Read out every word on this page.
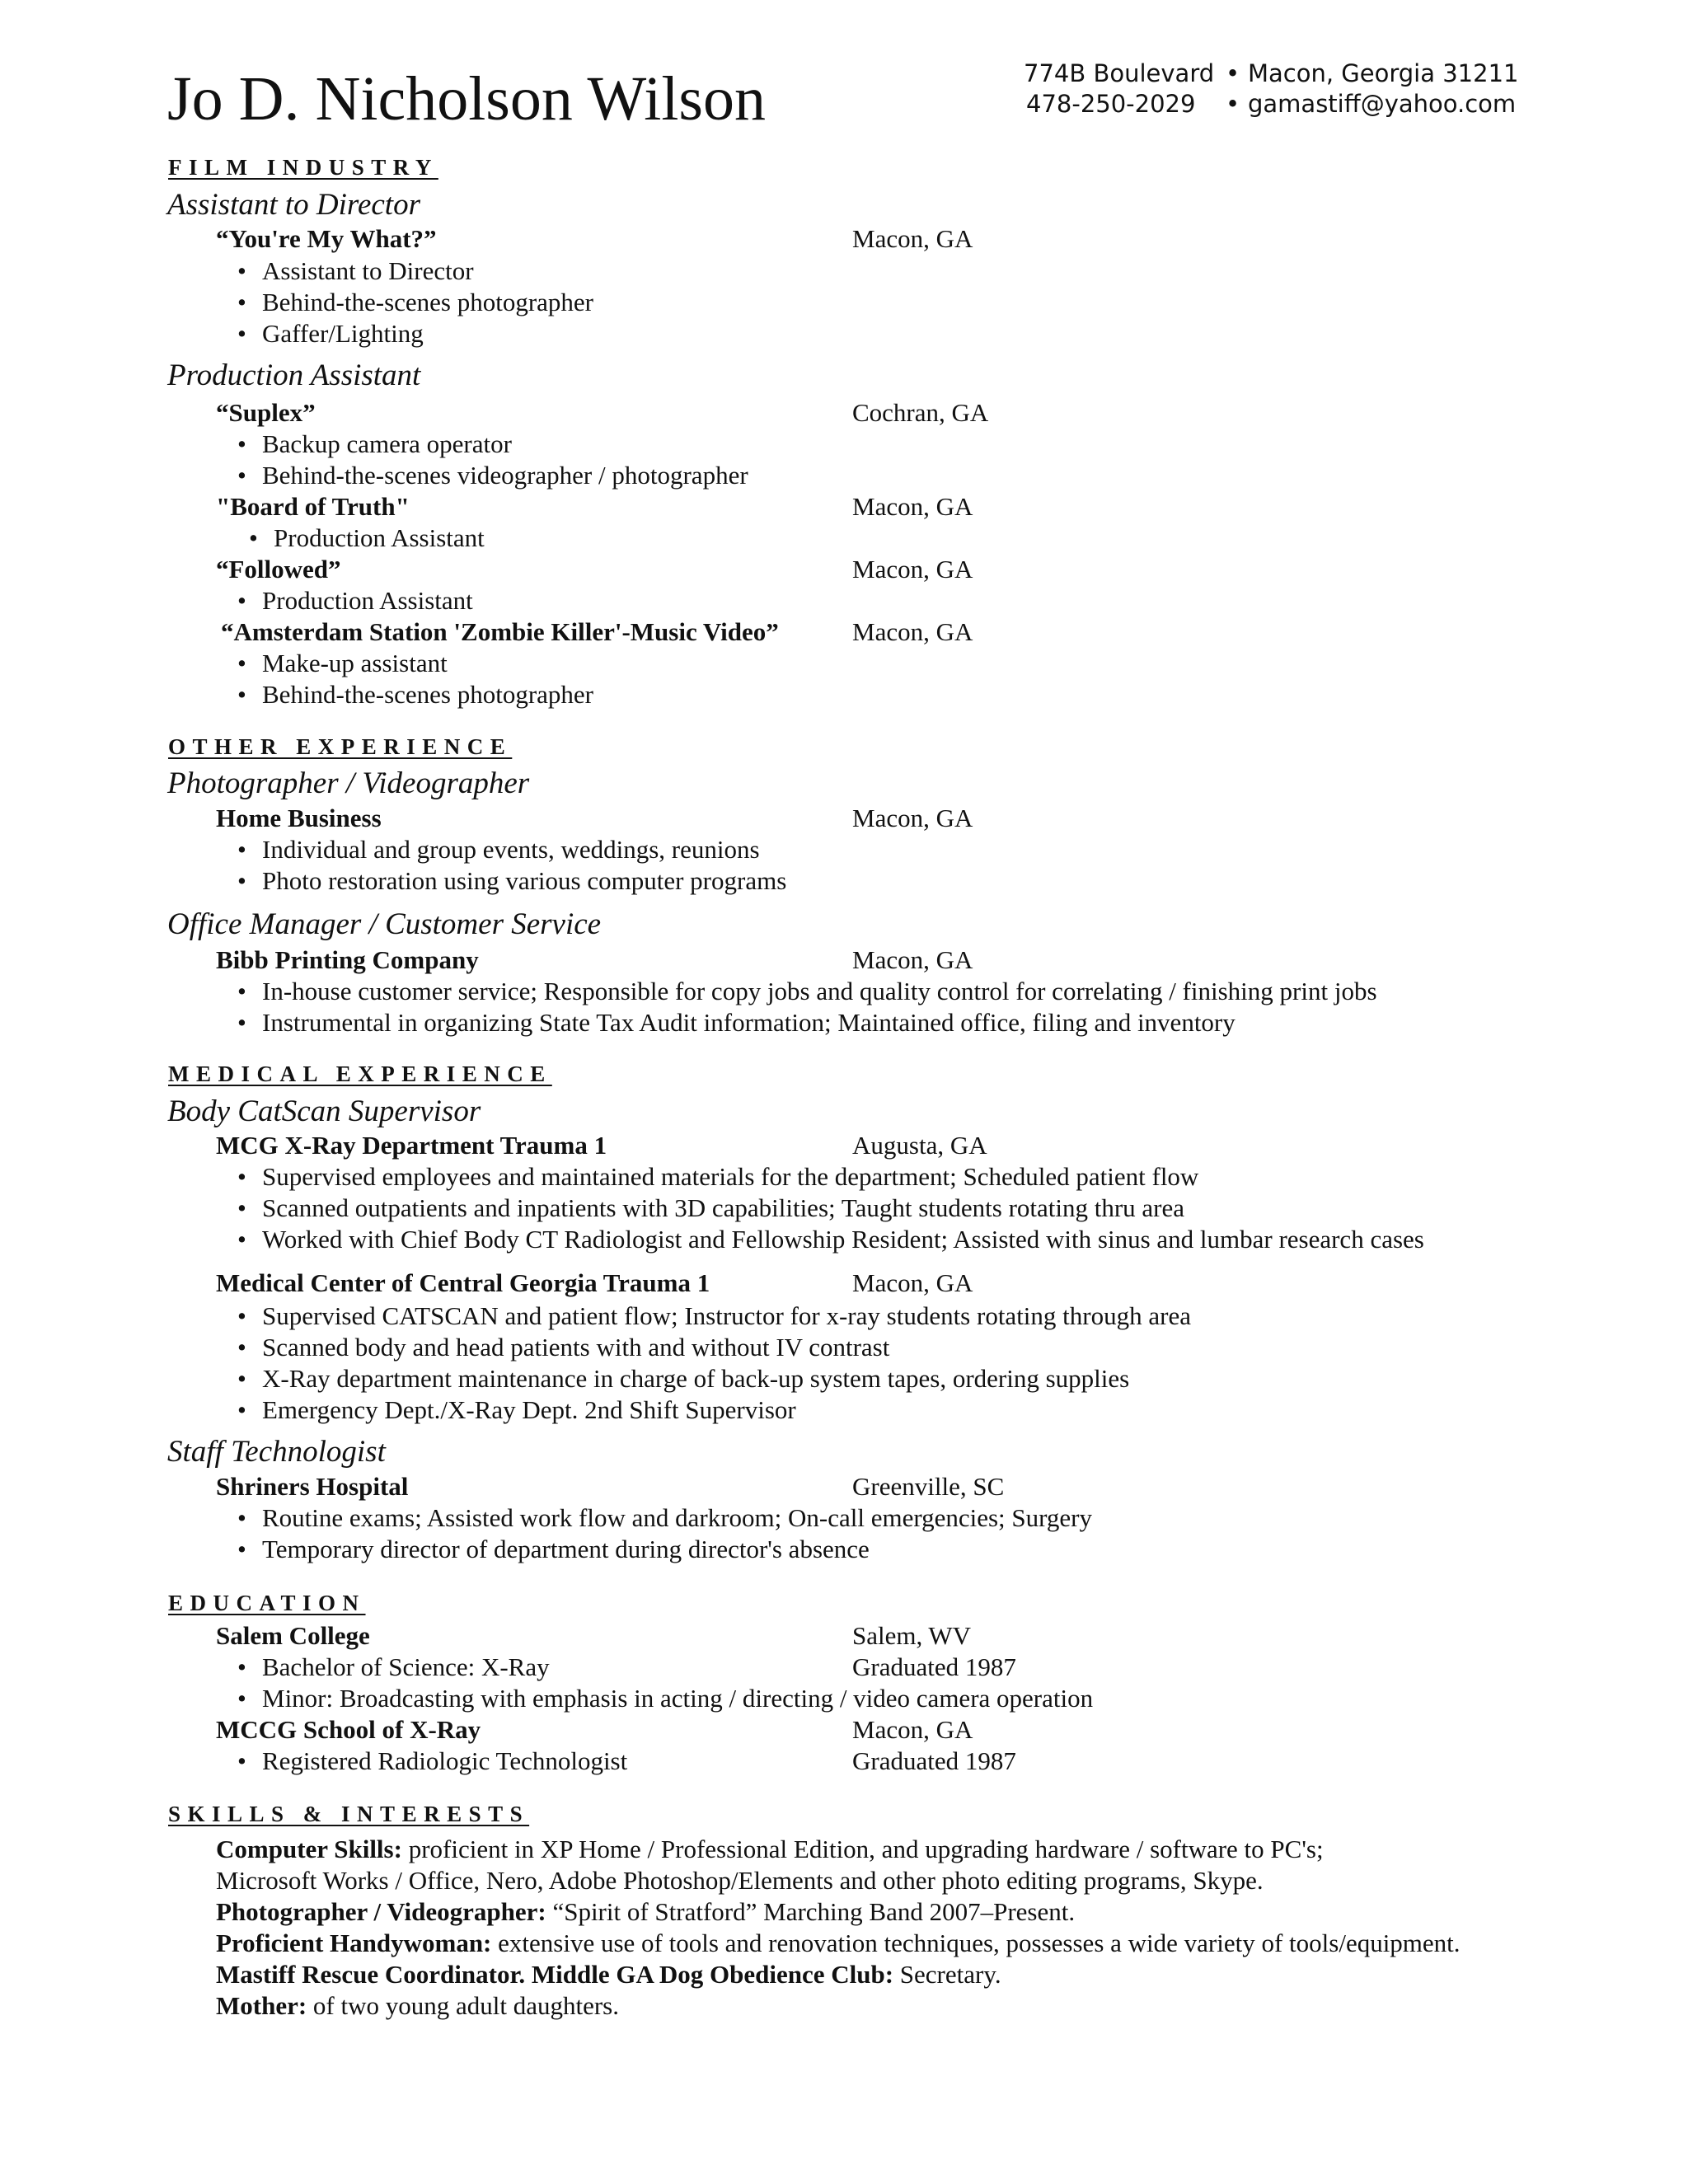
Jo D. Nicholson Wilson	774B Boulevard • Macon, Georgia 31211
478-250-2029 • gamastiff@yahoo.com
FILM INDUSTRY
Assistant to Director
“You're My What?”	Macon, GA
• Assistant to Director
• Behind-the-scenes photographer
• Gaffer/Lighting
Production Assistant
“Suplex”	Cochran, GA
• Backup camera operator
• Behind-the-scenes videographer / photographer
"Board of Truth"	Macon, GA
• Production Assistant
“Followed”	Macon, GA
• Production Assistant
“Amsterdam Station 'Zombie Killer'-Music Video”	Macon, GA
• Make-up assistant
• Behind-the-scenes photographer
OTHER EXPERIENCE
Photographer / Videographer
Home Business	Macon, GA
• Individual and group events, weddings, reunions
• Photo restoration using various computer programs
Office Manager / Customer Service
Bibb Printing Company	Macon, GA
• In-house customer service; Responsible for copy jobs and quality control for correlating / finishing print jobs
• Instrumental in organizing State Tax Audit information; Maintained office, filing and inventory
MEDICAL EXPERIENCE
Body CatScan Supervisor
MCG X-Ray Department Trauma 1	Augusta, GA
• Supervised employees and maintained materials for the department; Scheduled patient flow
• Scanned outpatients and inpatients with 3D capabilities; Taught students rotating thru area
• Worked with Chief Body CT Radiologist and Fellowship Resident; Assisted with sinus and lumbar research cases
Medical Center of Central Georgia Trauma 1	Macon, GA
• Supervised CATSCAN and patient flow; Instructor for x-ray students rotating through area
• Scanned body and head patients with and without IV contrast
• X-Ray department maintenance in charge of back-up system tapes, ordering supplies
• Emergency Dept./X-Ray Dept. 2nd Shift Supervisor
Staff Technologist
Shriners Hospital	Greenville, SC
• Routine exams; Assisted work flow and darkroom; On-call emergencies; Surgery
• Temporary director of department during director's absence
EDUCATION
Salem College	Salem, WV
• Bachelor of Science: X-Ray	Graduated 1987
• Minor: Broadcasting with emphasis in acting / directing / video camera operation
MCCG School of X-Ray	Macon, GA
• Registered Radiologic Technologist	Graduated 1987
SKILLS & INTERESTS
Computer Skills: proficient in XP Home / Professional Edition, and upgrading hardware / software to PC's;
Microsoft Works / Office, Nero, Adobe Photoshop/Elements and other photo editing programs, Skype.
Photographer / Videographer: “Spirit of Stratford” Marching Band 2007–Present.
Proficient Handywoman: extensive use of tools and renovation techniques, possesses a wide variety of tools/equipment.
Mastiff Rescue Coordinator. Middle GA Dog Obedience Club: Secretary.
Mother: of two young adult daughters.
